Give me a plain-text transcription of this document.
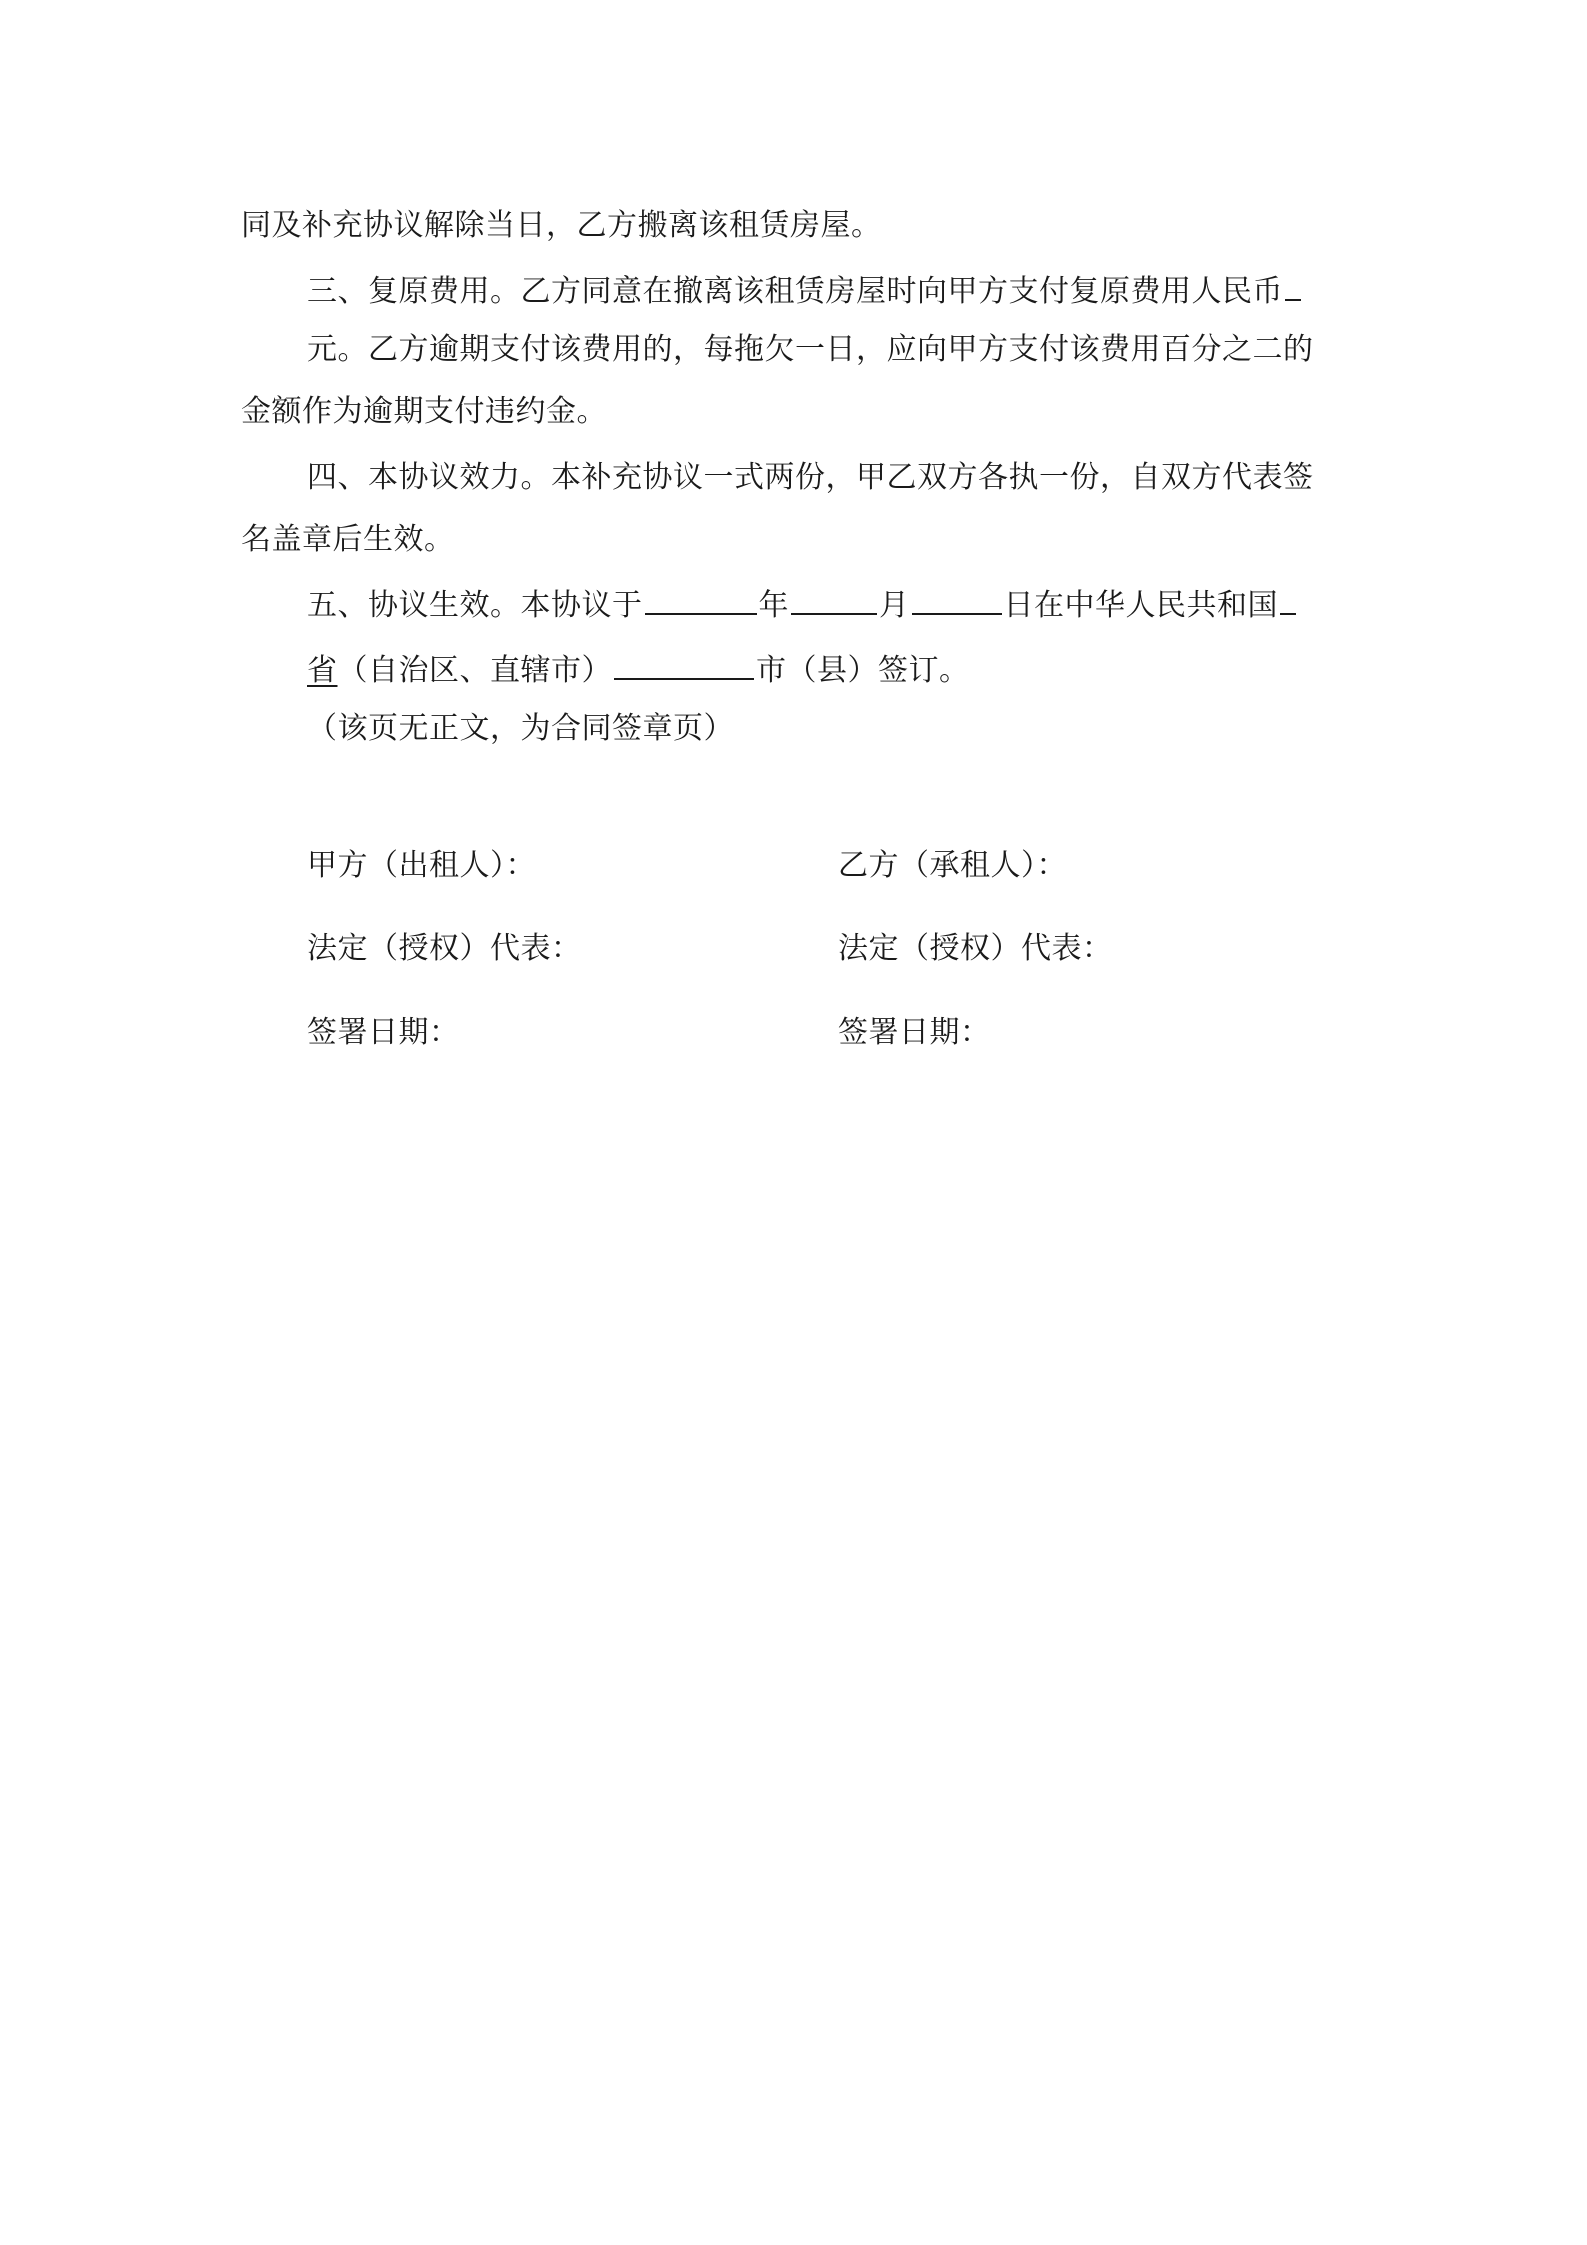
同及补充协议解除当日，乙方搬离该租赁房屋。
三、复原费用。乙方同意在撤离该租赁房屋时向甲方支付复原费用人民币
元。乙方逾期支付该费用的，每拖欠一日，应向甲方支付该费用百分之二的
金额作为逾期支付违约金。
四、本协议效力。本补充协议一式两份，甲乙双方各执一份，自双方代表签
名盖章后生效。
五、协议生效。本协议于	年	月	日在中华人民共和国
省（自治区、直辖市）	市（县）签订。
（该页无正文，为合同签章页）
甲方（出租人）：	乙方（承租人）：
法定（授权）代表：	法定（授权）代表：
签署日期：	签署日期：
